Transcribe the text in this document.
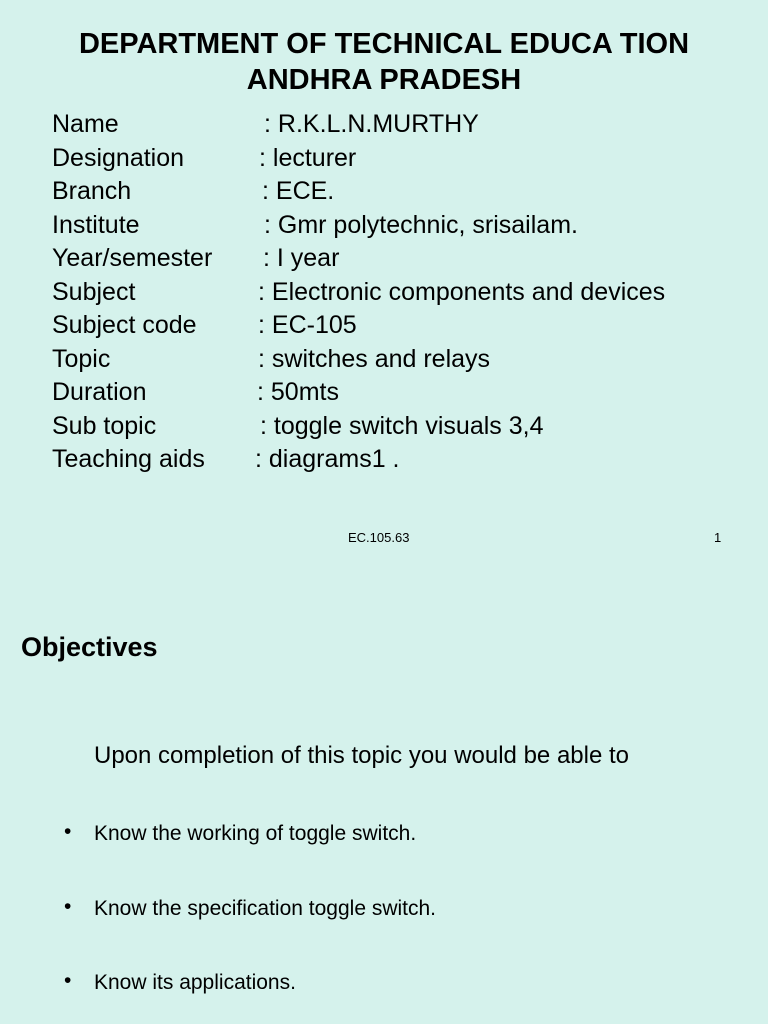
DEPARTMENT OF TECHNICAL EDUCA TION
ANDHRA PRADESH
Name	: R.K.L.N.MURTHY
Designation	: lecturer
Branch	: ECE.
Institute	: Gmr polytechnic, srisailam.
Year/semester : I year
Subject	: Electronic components and devices
Subject code : EC-105
Topic	: switches and relays
Duration	: 50mts
Sub topic	: toggle switch visuals 3,4
Teaching aids : diagrams1 .
EC.105.63	1
Objectives
Upon completion of this topic you would be able to
• Know the working of toggle switch.
• Know the specification toggle switch.
• Know its applications.
